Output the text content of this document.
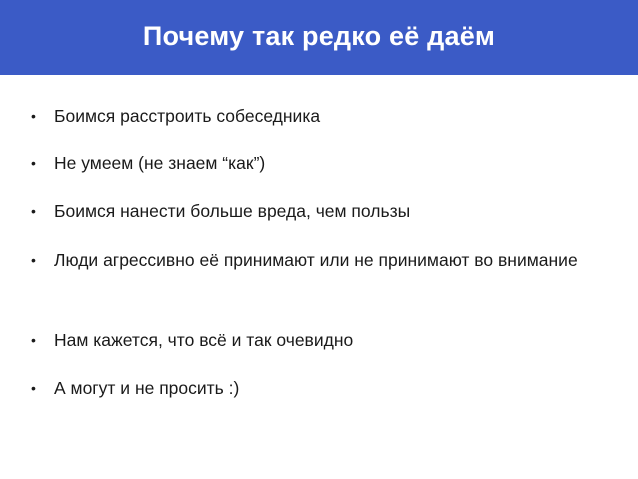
Почему так редко её даём
•	Боимся расстроить собеседника
•	Не умеем (не знаем “как”)
•	Боимся нанести больше вреда, чем пользы
•	Люди агрессивно её принимают или не принимают во внимание
•	Нам кажется, что всё и так очевидно
•	А могут и не просить :)
